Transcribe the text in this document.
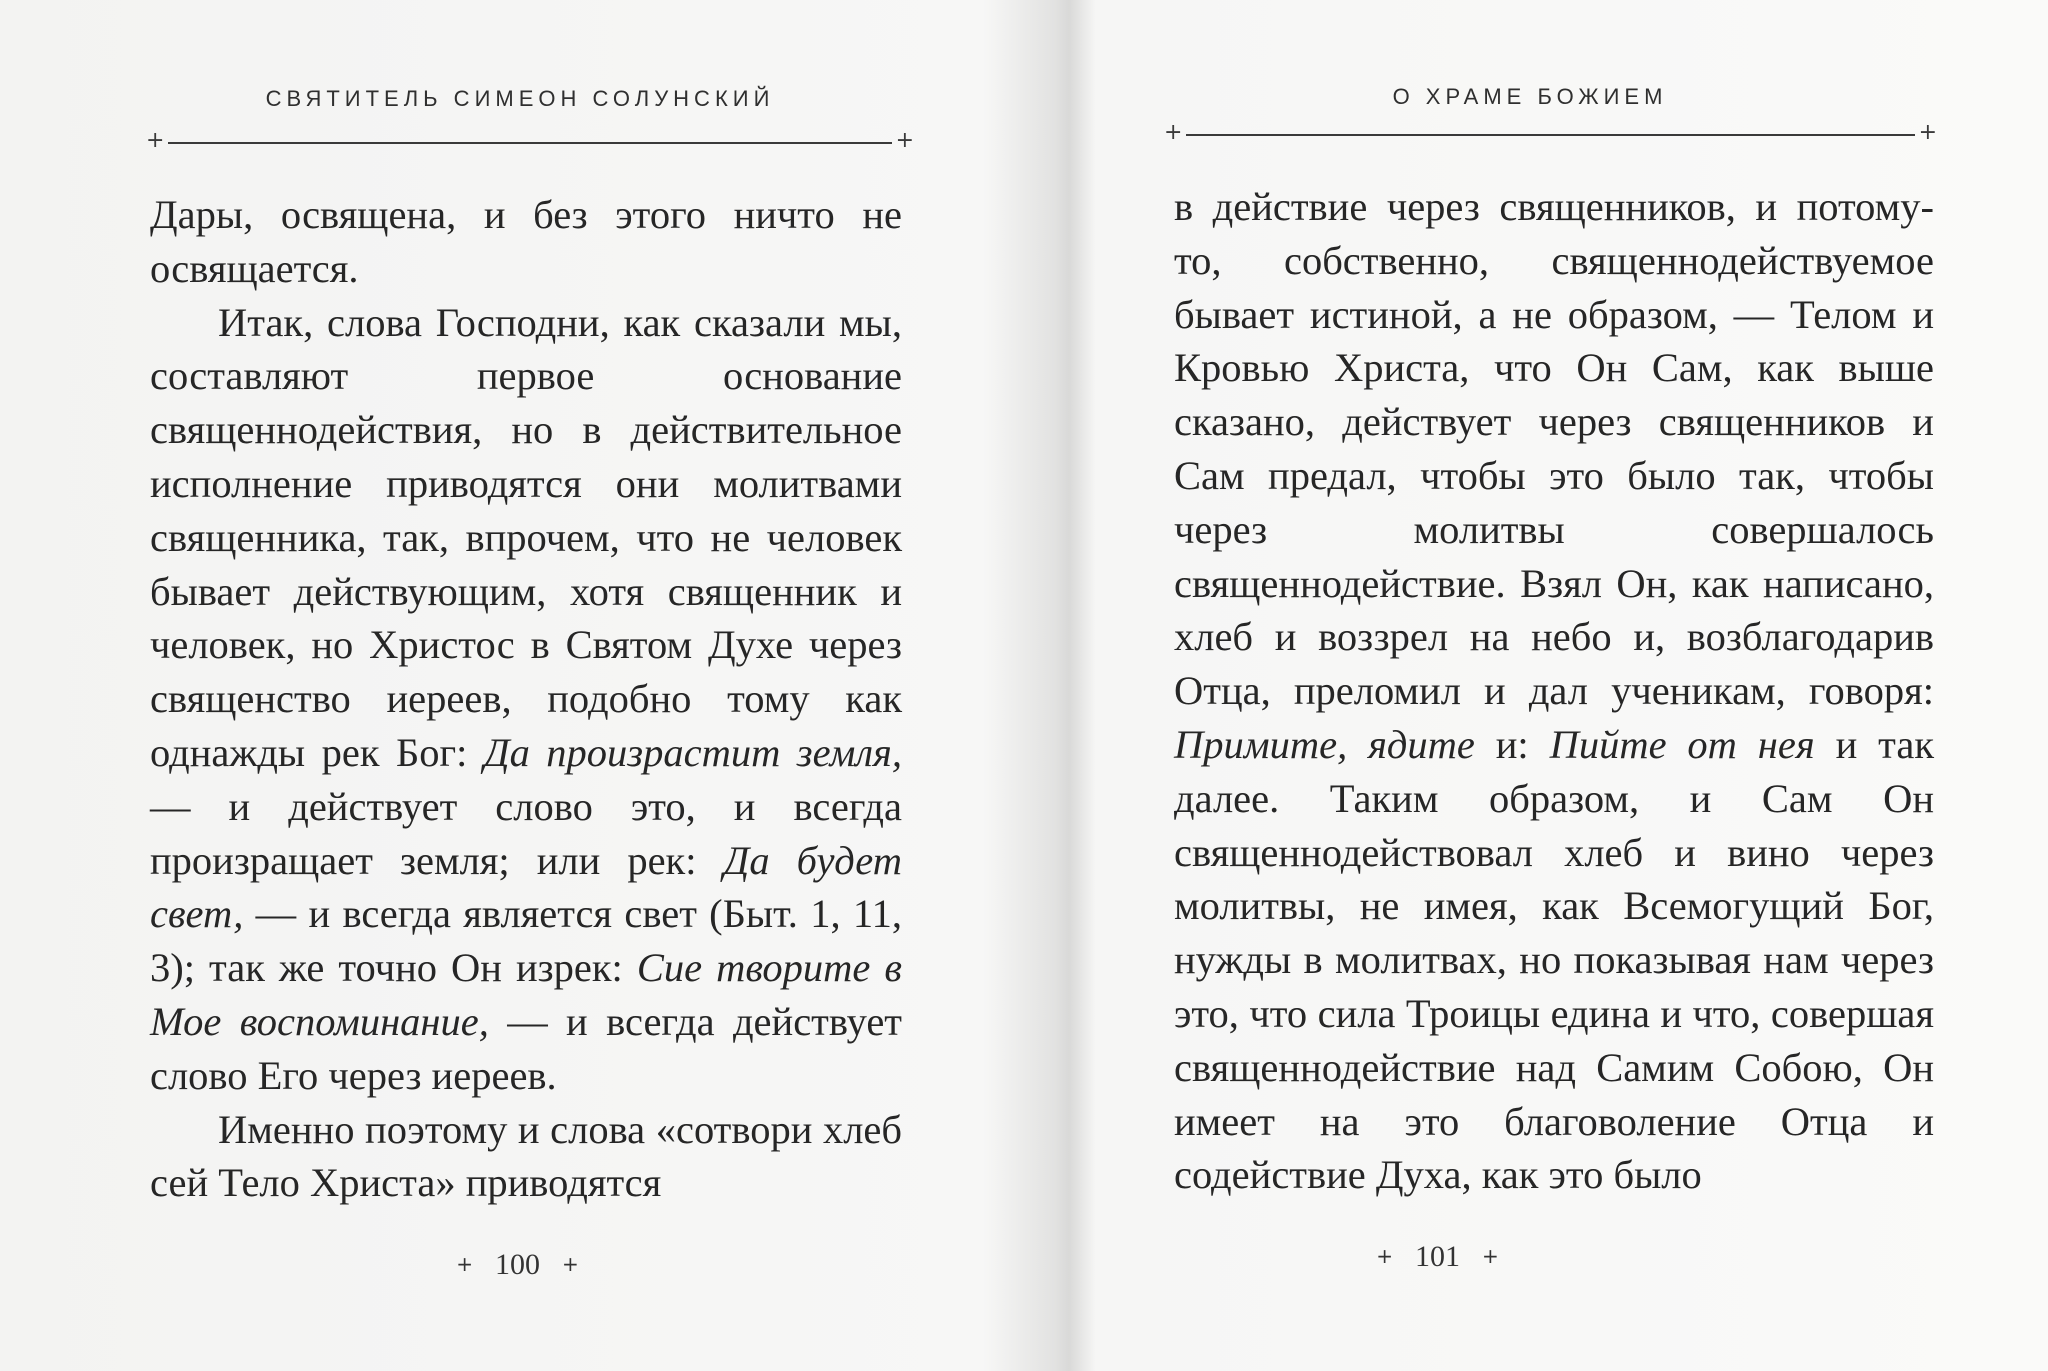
СВЯТИТЕЛЬ СИМЕОН СОЛУНСКИЙ
+	+

Дары, освящена, и без этого ничто не освящается.

Итак, слова Господни, как сказали мы, составляют первое основание священнодействия, но в действительное исполнение приводятся они молитвами священника, так, впрочем, что не человек бывает действующим, хотя священник и человек, но Христос в Святом Духе через священство иереев, подобно тому как однажды рек Бог: Да произрастит земля, — и действует слово это, и всегда произращает земля; или рек: Да будет свет, — и всегда является свет (Быт. 1, 11, 3); так же точно Он изрек: Сие творите в Мое воспоминание, — и всегда действует слово Его через иереев.

Именно поэтому и слова «сотвори хлеб сей Тело Христа» приводятся

+ 100 +
О ХРАМЕ БОЖИЕМ
+	+

в действие через священников, и потому-то, собственно, священнодействуемое бывает истиной, а не образом, — Телом и Кровью Христа, что Он Сам, как выше сказано, действует через священников и Сам предал, чтобы это было так, чтобы через молитвы совершалось священнодействие. Взял Он, как написано, хлеб и воззрел на небо и, возблагодарив Отца, преломил и дал ученикам, говоря: Примите, ядите и: Пийте от нея и так далее. Таким образом, и Сам Он священнодействовал хлеб и вино через молитвы, не имея, как Всемогущий Бог, нужды в молитвах, но показывая нам через это, что сила Троицы едина и что, совершая священнодействие над Самим Собою, Он имеет на это благоволение Отца и содействие Духа, как это было

+ 101 +
